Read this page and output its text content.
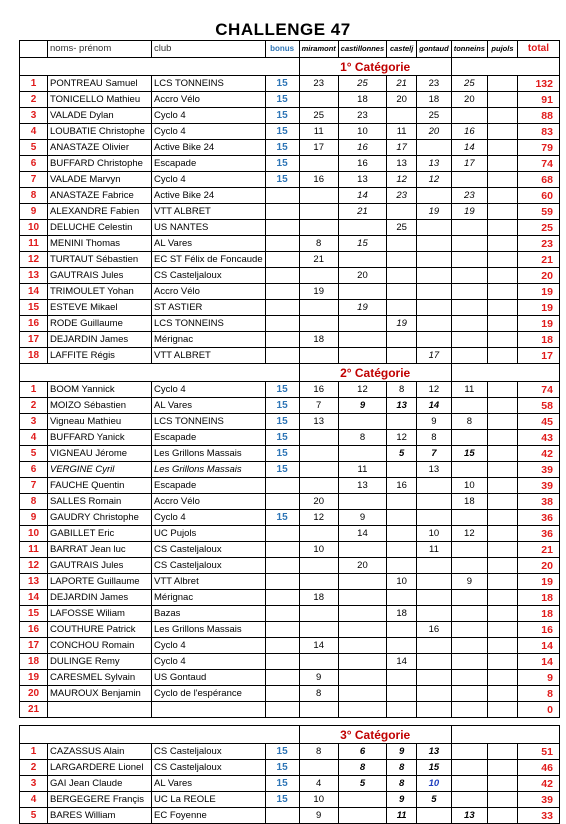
CHALLENGE 47
	noms- prénom	club	bonus	miramont	castillonnes	castelj	gontaud	tonneins	pujols	total
				1° Catégorie						
1	PONTREAU Samuel	LCS TONNEINS	15	23	25	21	23	25		132
2	TONICELLO Mathieu	Accro Vélo	15		18	20	18	20		91
3	VALADE Dylan	Cyclo 4	15	25	23		25			88
4	LOUBATIE Christophe	Cyclo 4	15	11	10	11	20	16		83
5	ANASTAZE Olivier	Active Bike 24	15	17	16	17		14		79
6	BUFFARD Christophe	Escapade	15		16	13	13	17		74
7	VALADE Marvyn	Cyclo 4	15	16	13	12	12			68
8	ANASTAZE Fabrice	Active Bike 24			14	23		23		60
9	ALEXANDRE Fabien	VTT ALBRET			21		19	19		59
10	DELUCHE Celestin	US NANTES				25				25
11	MENINI Thomas	AL Vares		8	15					23
12	TURTAUT Sébastien	EC ST Félix de Foncaude		21						21
13	GAUTRAIS Jules	CS Casteljaloux			20					20
14	TRIMOULET Yohan	Accro Vélo		19						19
15	ESTEVE Mikael	ST ASTIER			19					19
16	RODE Guillaume	LCS TONNEINS				19				19
17	DEJARDIN James	Mérignac		18						18
18	LAFFITE Régis	VTT ALBRET					17			17
				2° Catégorie						
1	BOOM Yannick	Cyclo 4	15	16	12	8	12	11		74
2	MOIZO Sébastien	AL Vares	15	7	9	13	14			58
3	Vigneau Mathieu	LCS TONNEINS	15	13			9	8		45
4	BUFFARD Yanick	Escapade	15		8	12	8			43
5	VIGNEAU Jérome	Les Grillons Massais	15			5	7	15		42
6	VERGINE Cyril	Les Grillons Massais	15		11		13			39
7	FAUCHE Quentin	Escapade			13	16		10		39
8	SALLES Romain	Accro Vélo		20				18		38
9	GAUDRY Christophe	Cyclo 4	15	12	9					36
10	GABILLET Eric	UC Pujols			14		10	12		36
11	BARRAT Jean luc	CS Casteljaloux		10			11			21
12	GAUTRAIS Jules	CS Casteljaloux			20					20
13	LAPORTE Guillaume	VTT Albret				10		9		19
14	DEJARDIN James	Mérignac		18						18
15	LAFOSSE Wiliam	Bazas				18				18
16	COUTHURE Patrick	Les Grillons Massais					16			16
17	CONCHOU Romain	Cyclo 4		14						14
18	DULINGE Remy	Cyclo 4				14				14
19	CARESMEL Sylvain	US Gontaud		9						9
20	MAUROUX Benjamin	Cyclo de l'espérance		8						8
21										0

				3° Catégorie						
1	CAZASSUS Alain	CS Casteljaloux	15	8	6	9	13			51
2	LARGARDERE Lionel	CS Casteljaloux	15		8	8	15			46
3	GAI Jean Claude	AL Vares	15	4	5	8	10			42
4	BERGEGERE Françis	UC La REOLE	15	10		9	5			39
5	BARES William	EC Foyenne		9		11		13		33
